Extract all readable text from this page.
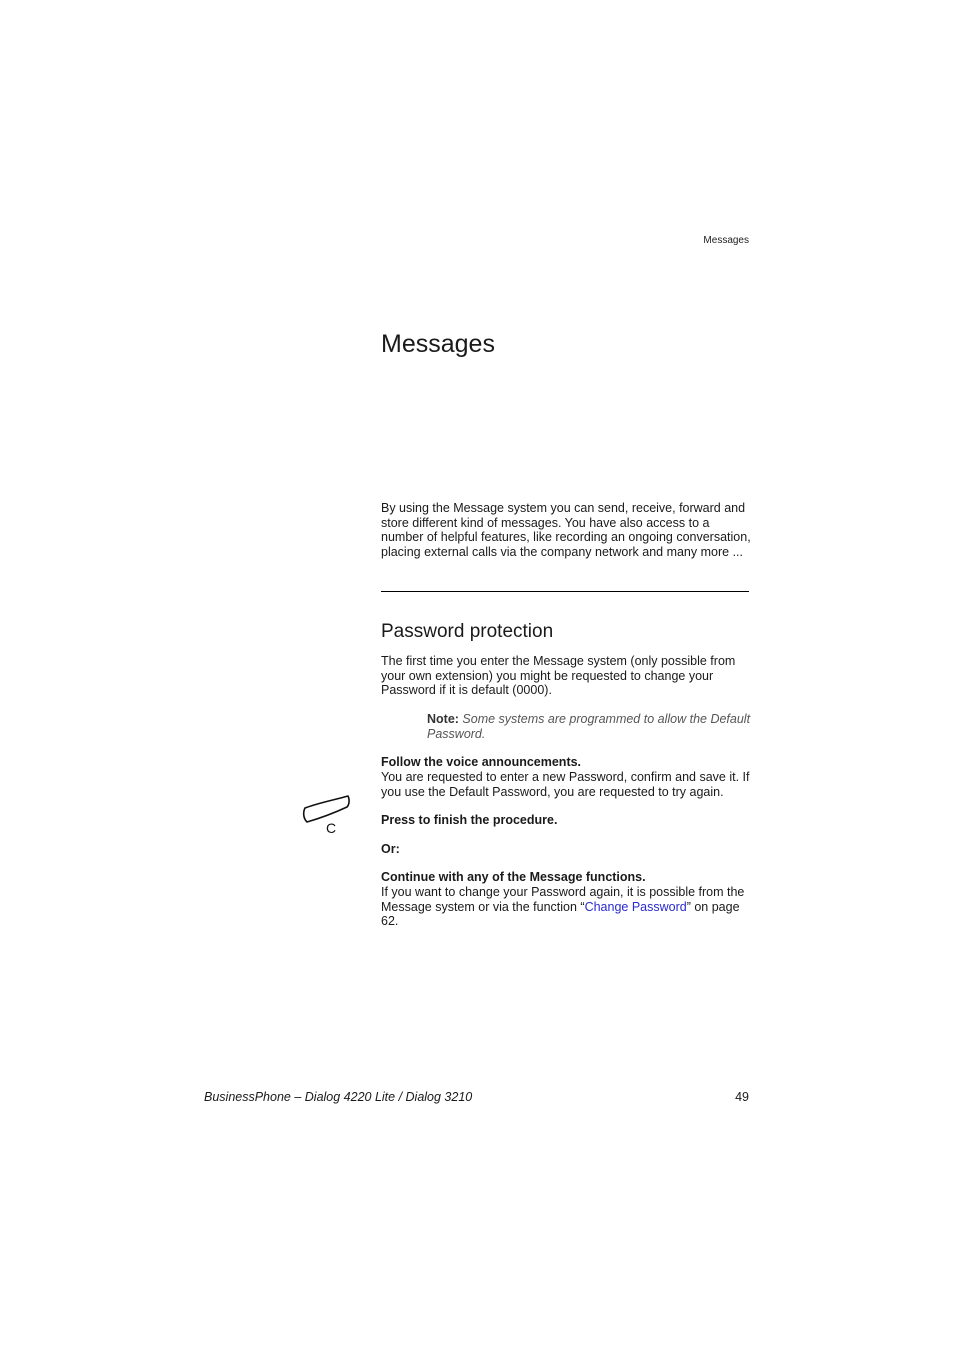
Messages
Messages

By using the Message system you can send, receive, forward and store different kind of messages. You have also access to a number of helpful features, like recording an ongoing conversation, placing external calls via the company network and many more ...

Password protection

The first time you enter the Message system (only possible from your own extension) you might be requested to change your Password if it is default (0000).

Note: Some systems are programmed to allow the Default Password.

Follow the voice announcements.

You are requested to enter a new Password, confirm and save it. If you use the Default Password, you are requested to try again.

C	Press to finish the procedure.

Or:

Continue with any of the Message functions.

If you want to change your Password again, it is possible from the Message system or via the function “Change Password” on page 62.

BusinessPhone – Dialog 4220 Lite / Dialog 3210	49
